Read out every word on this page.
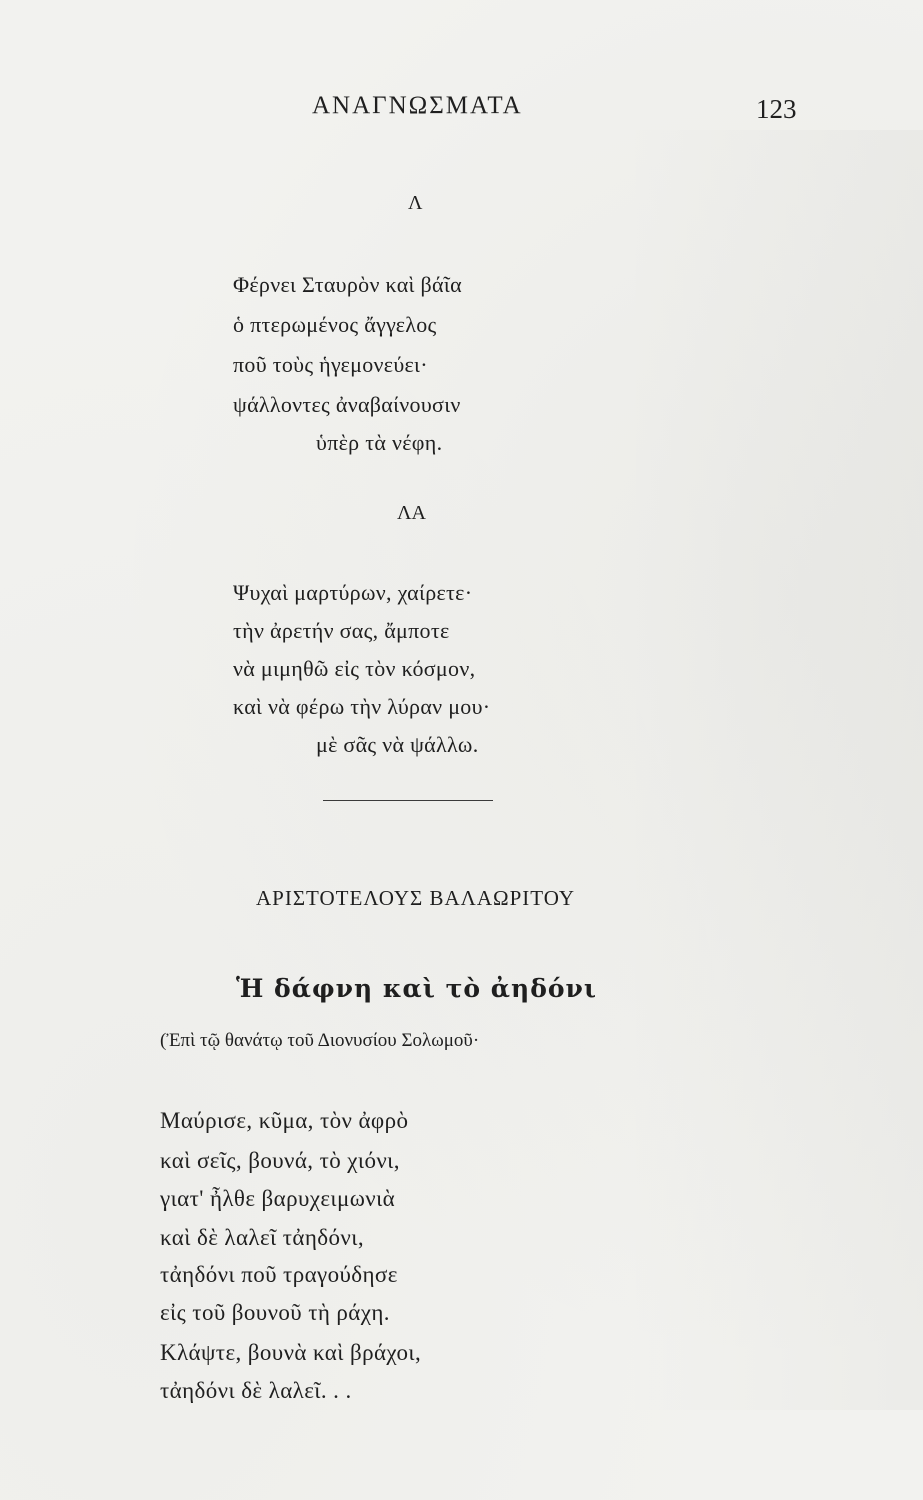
ΑΝΑΓΝΩΣΜΑΤΑ	123
Λ
Φέρνει Σταυρὸν καὶ βάῖα
ὁ πτερωμένος ἄγγελος
ποῦ τοὺς ἡγεμονεύει·
ψάλλοντες ἀναβαίνουσιν
ὑπὲρ τὰ νέφη.
ΛΑ
Ψυχαὶ μαρτύρων, χαίρετε·
τὴν ἀρετήν σας, ἄμποτε
νὰ μιμηθῶ εἰς τὸν κόσμον,
καὶ νὰ φέρω τὴν λύραν μου·
μὲ σᾶς νὰ ψάλλω.
ΑΡΙΣΤΟΤΕΛΟΥΣ ΒΑΛΑΩΡΙΤΟΥ
Ἡ δάφνη καὶ τὸ ἀηδόνι
(Ἐπὶ τῷ θανάτῳ τοῦ Διονυσίου Σολωμοῦ·
Μαύρισε, κῦμα, τὸν ἀφρὸ
καὶ σεῖς, βουνά, τὸ χιόνι,
γιατ' ἦλθε βαρυχειμωνιὰ
καὶ δὲ λαλεῖ τἀηδόνι,
τἀηδόνι ποῦ τραγούδησε
εἰς τοῦ βουνοῦ τὴ ράχη.
Κλάψτε, βουνὰ καὶ βράχοι,
τἀηδόνι δὲ λαλεῖ. . .
